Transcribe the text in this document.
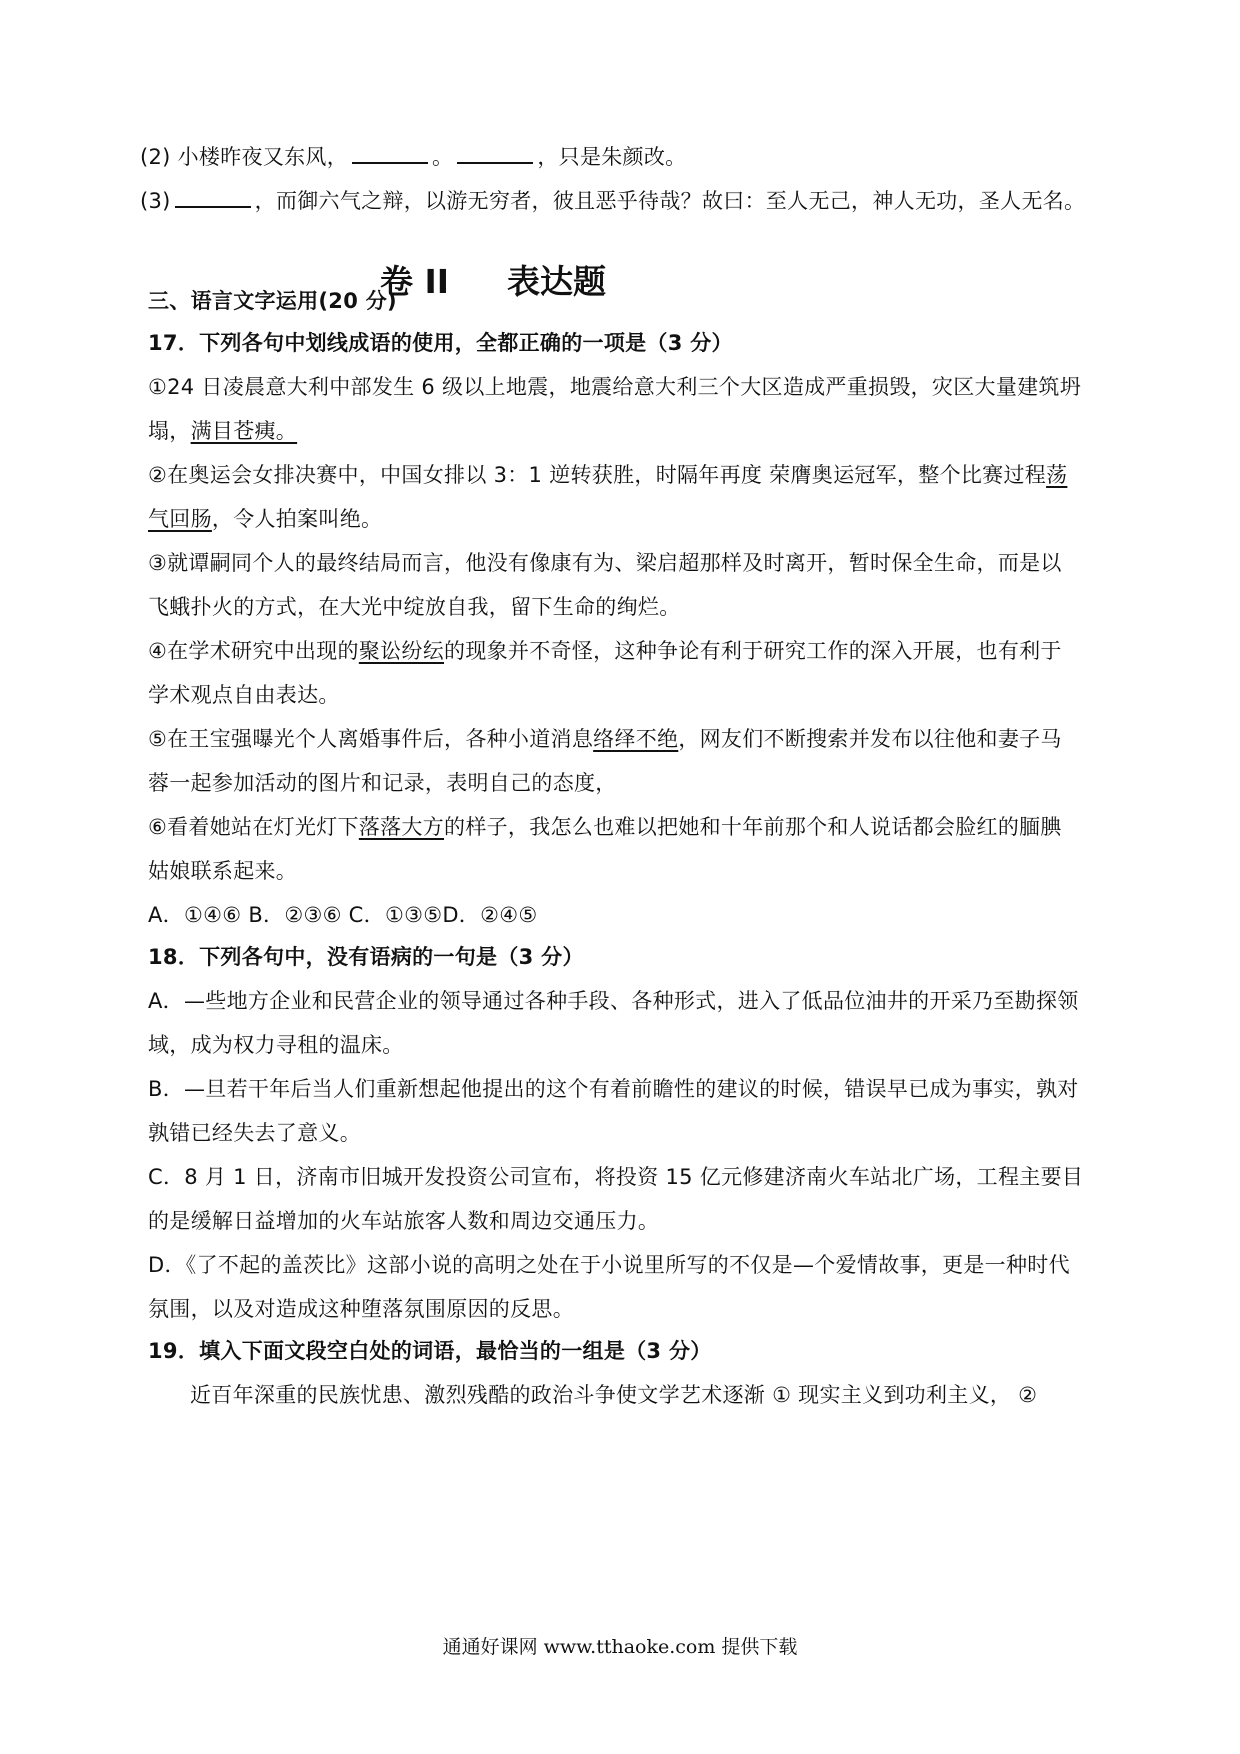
(2) 小楼昨夜又东风，	。	，只是朱颜改。
(3)	，而御六气之辩，以游无穷者，彼且恶乎待哉？故曰：至人无己，神人无功，圣人无名。
卷 II 表达题
三、语言文字运用(20 分)
17．下列各句中划线成语的使用，全都正确的一项是（3 分）
①24 日凌晨意大利中部发生 6 级以上地震，地震给意大利三个大区造成严重损毁，灾区大量建筑坍
塌，满目苍痍。
②在奥运会女排决赛中，中国女排以 3：1 逆转获胜，时隔年再度 荣膺奥运冠军，整个比赛过程荡
气回肠，令人拍案叫绝。
③就谭嗣同个人的最终结局而言，他没有像康有为、梁启超那样及时离开，暂时保全生命，而是以
飞蛾扑火的方式，在大光中绽放自我，留下生命的绚烂。
④在学术研究中出现的聚讼纷纭的现象并不奇怪，这种争论有利于研究工作的深入开展，也有利于
学术观点自由表达。
⑤在王宝强曝光个人离婚事件后，各种小道消息络绎不绝，网友们不断搜索并发布以往他和妻子马
蓉一起参加活动的图片和记录，表明自己的态度，
⑥看着她站在灯光灯下落落大方的样子，我怎么也难以把她和十年前那个和人说话都会脸红的腼腆
姑娘联系起来。
A．①④⑥ B．②③⑥ C．①③⑤D．②④⑤
18．下列各句中，没有语病的一句是（3 分）
A．—些地方企业和民营企业的领导通过各种手段、各种形式，进入了低品位油井的开采乃至勘探领
域，成为权力寻租的温床。
B．—旦若干年后当人们重新想起他提出的这个有着前瞻性的建议的时候，错误早已成为事实，孰对
孰错已经失去了意义。
C．8 月 1 日，济南市旧城开发投资公司宣布，将投资 15 亿元修建济南火车站北广场，工程主要目
的是缓解日益增加的火车站旅客人数和周边交通压力。
D．《了不起的盖茨比》这部小说的高明之处在于小说里所写的不仅是—个爱情故事，更是一种时代
氛围，以及对造成这种堕落氛围原因的反思。
19．填入下面文段空白处的词语，最恰当的一组是（3 分）
近百年深重的民族忧患、激烈残酷的政治斗争使文学艺术逐渐 ① 现实主义到功利主义， ②
通通好课网 www.tthaoke.com 提供下载
